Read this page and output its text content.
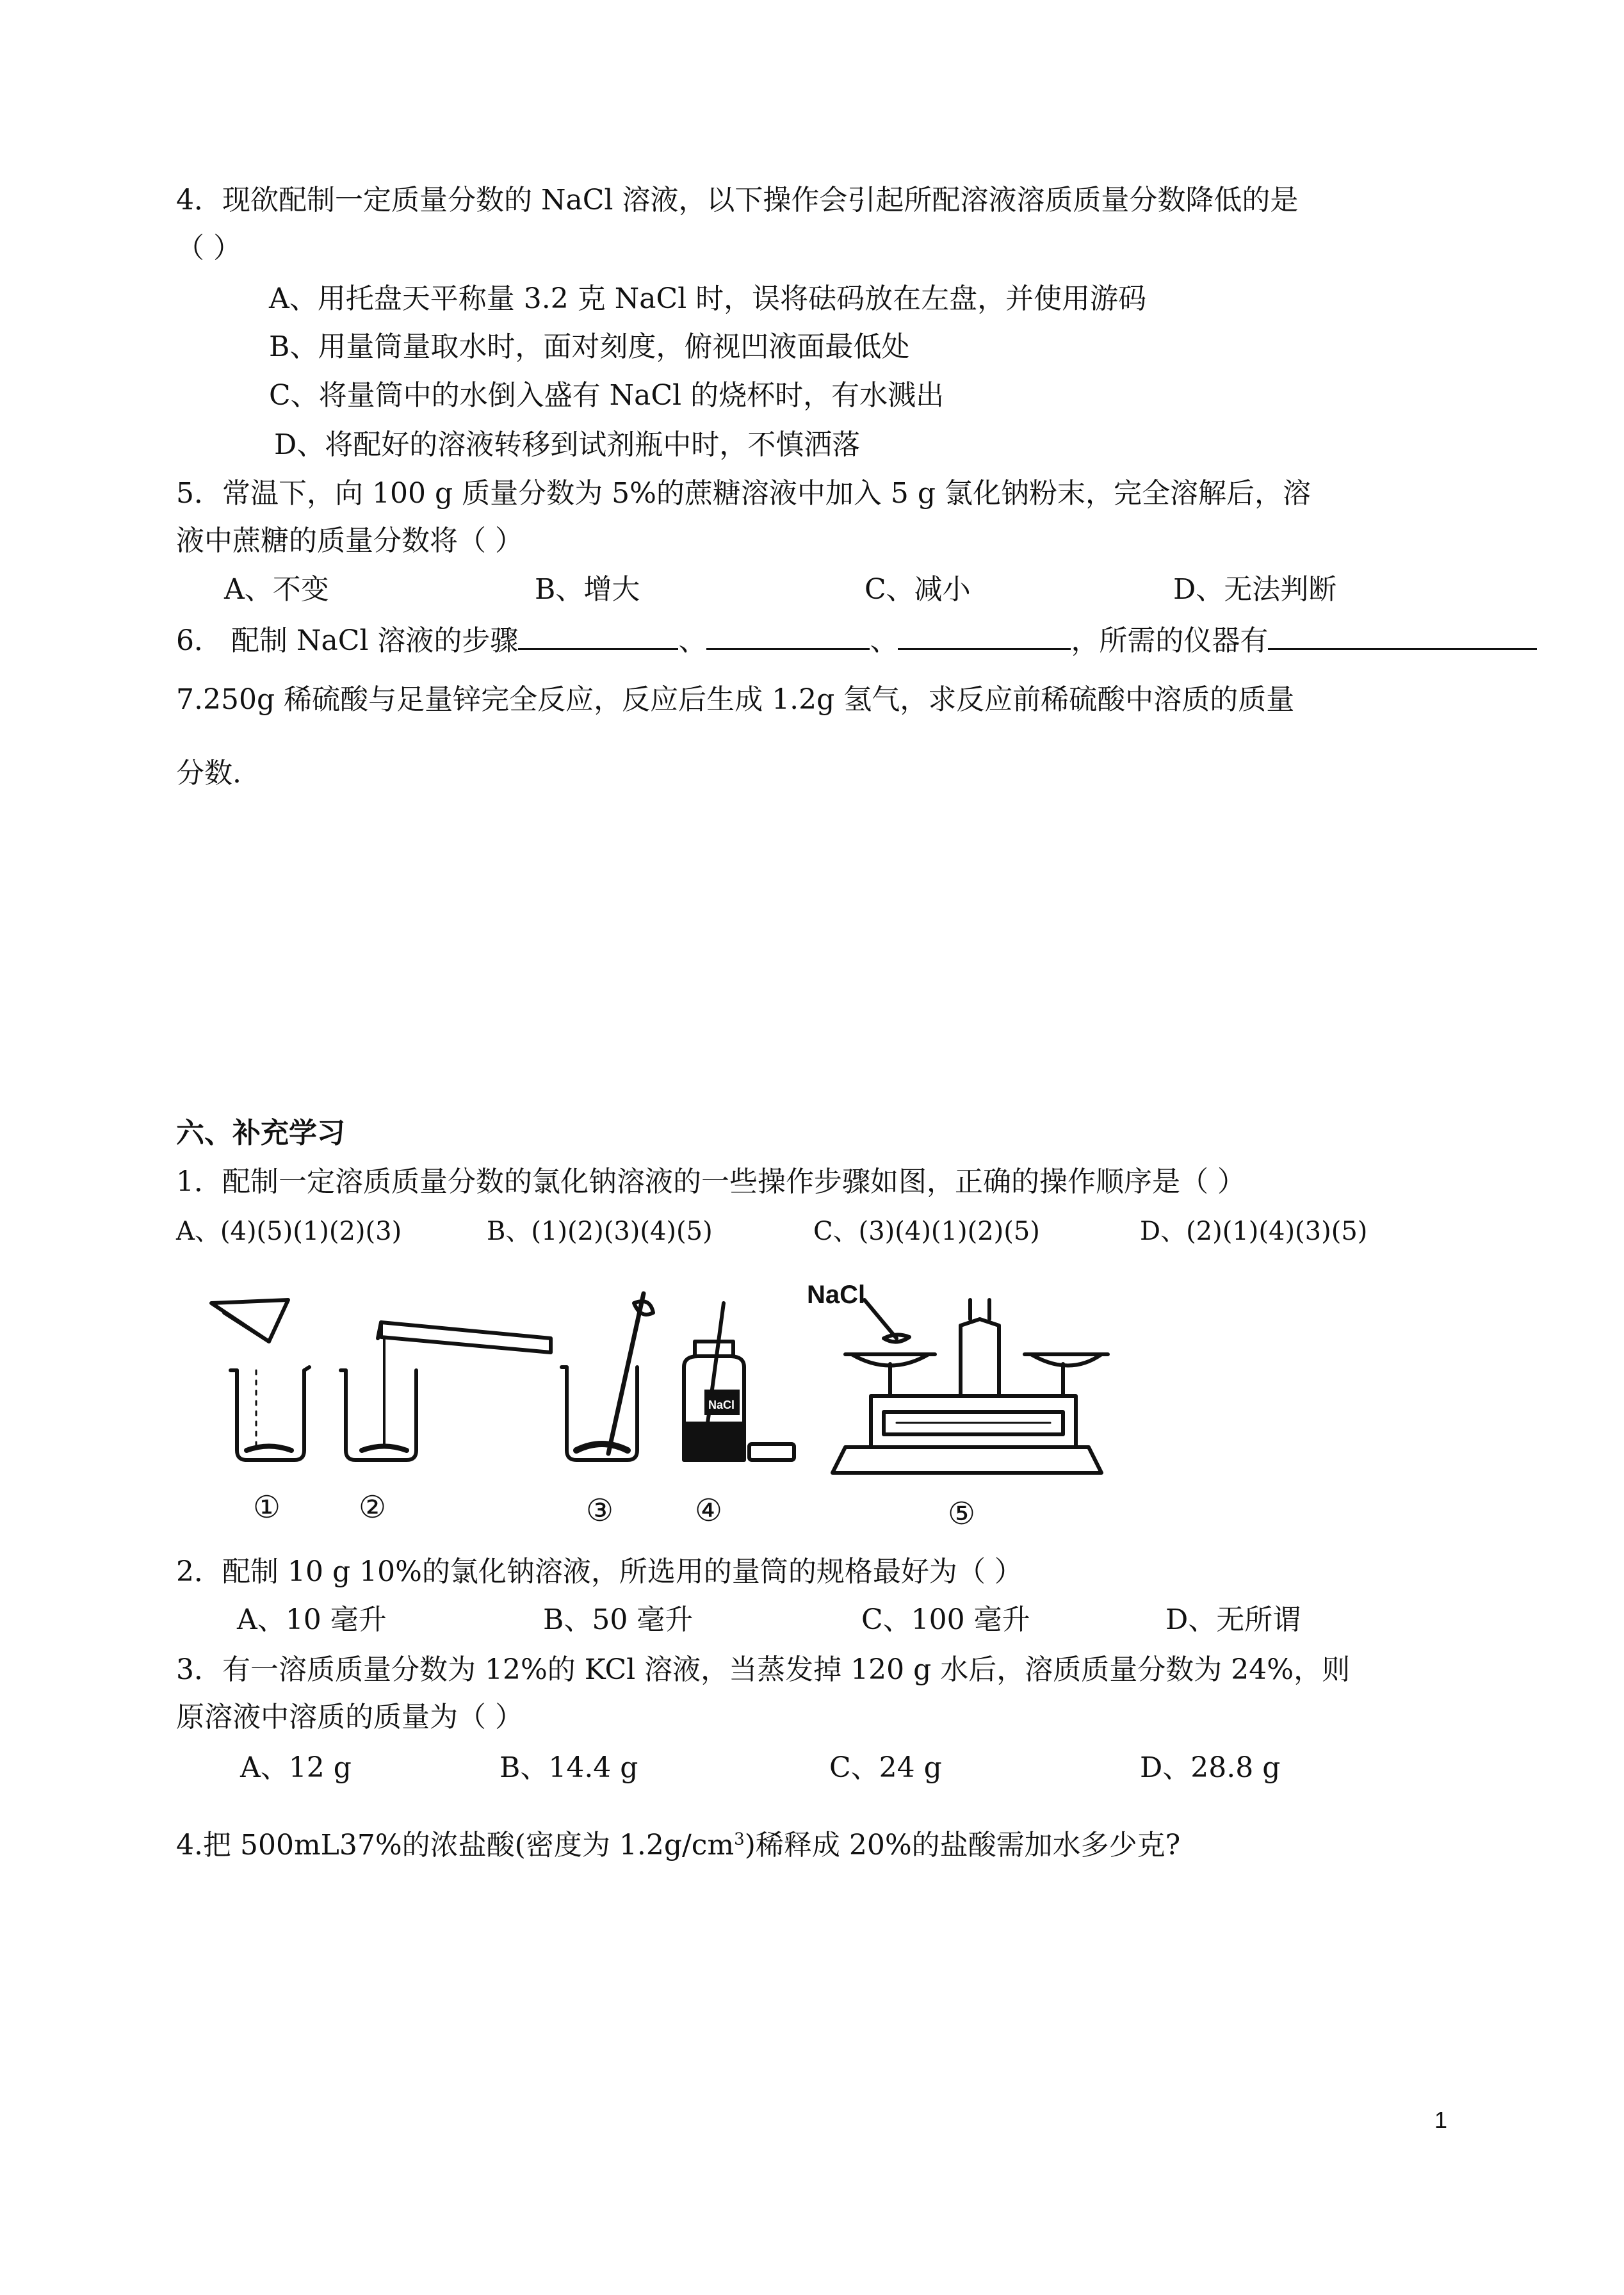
4．现欲配制一定质量分数的 NaCl 溶液，以下操作会引起所配溶液溶质质量分数降低的是
（ ）
A、用托盘天平称量 3.2 克 NaCl 时，误将砝码放在左盘，并使用游码
B、用量筒量取水时，面对刻度，俯视凹液面最低处
C、将量筒中的水倒入盛有 NaCl 的烧杯时，有水溅出
D、将配好的溶液转移到试剂瓶中时，不慎洒落
5．常温下，向 100 g 质量分数为 5%的蔗糖溶液中加入 5 g 氯化钠粉末，完全溶解后，溶
液中蔗糖的质量分数将（ ）
A、不变	B、增大	C、减小	D、无法判断
6． 配制 NaCl 溶液的步骤	、	、	，所需的仪器有
7.250g 稀硫酸与足量锌完全反应，反应后生成 1.2g 氢气，求反应前稀硫酸中溶质的质量
分数.
六、补充学习
1．配制一定溶质质量分数的氯化钠溶液的一些操作步骤如图，正确的操作顺序是（ ）
A、(4)(5)(1)(2)(3)	B、(1)(2)(3)(4)(5)	C、(3)(4)(1)(2)(5)	D、(2)(1)(4)(3)(5)
NaCl
NaCl
①	②	③	④	⑤
2．配制 10 g 10%的氯化钠溶液，所选用的量筒的规格最好为（ ）
A、10 毫升	B、50 毫升	C、100 毫升	D、无所谓
3．有一溶质质量分数为 12%的 KCl 溶液，当蒸发掉 120 g 水后，溶质质量分数为 24%，则
原溶液中溶质的质量为（ ）
A、12 g	B、14.4 g	C、24 g	D、28.8 g
4.把 500mL37%的浓盐酸(密度为 $1.2g/cm^3$)稀释成 20%的盐酸需加水多少克?
1
